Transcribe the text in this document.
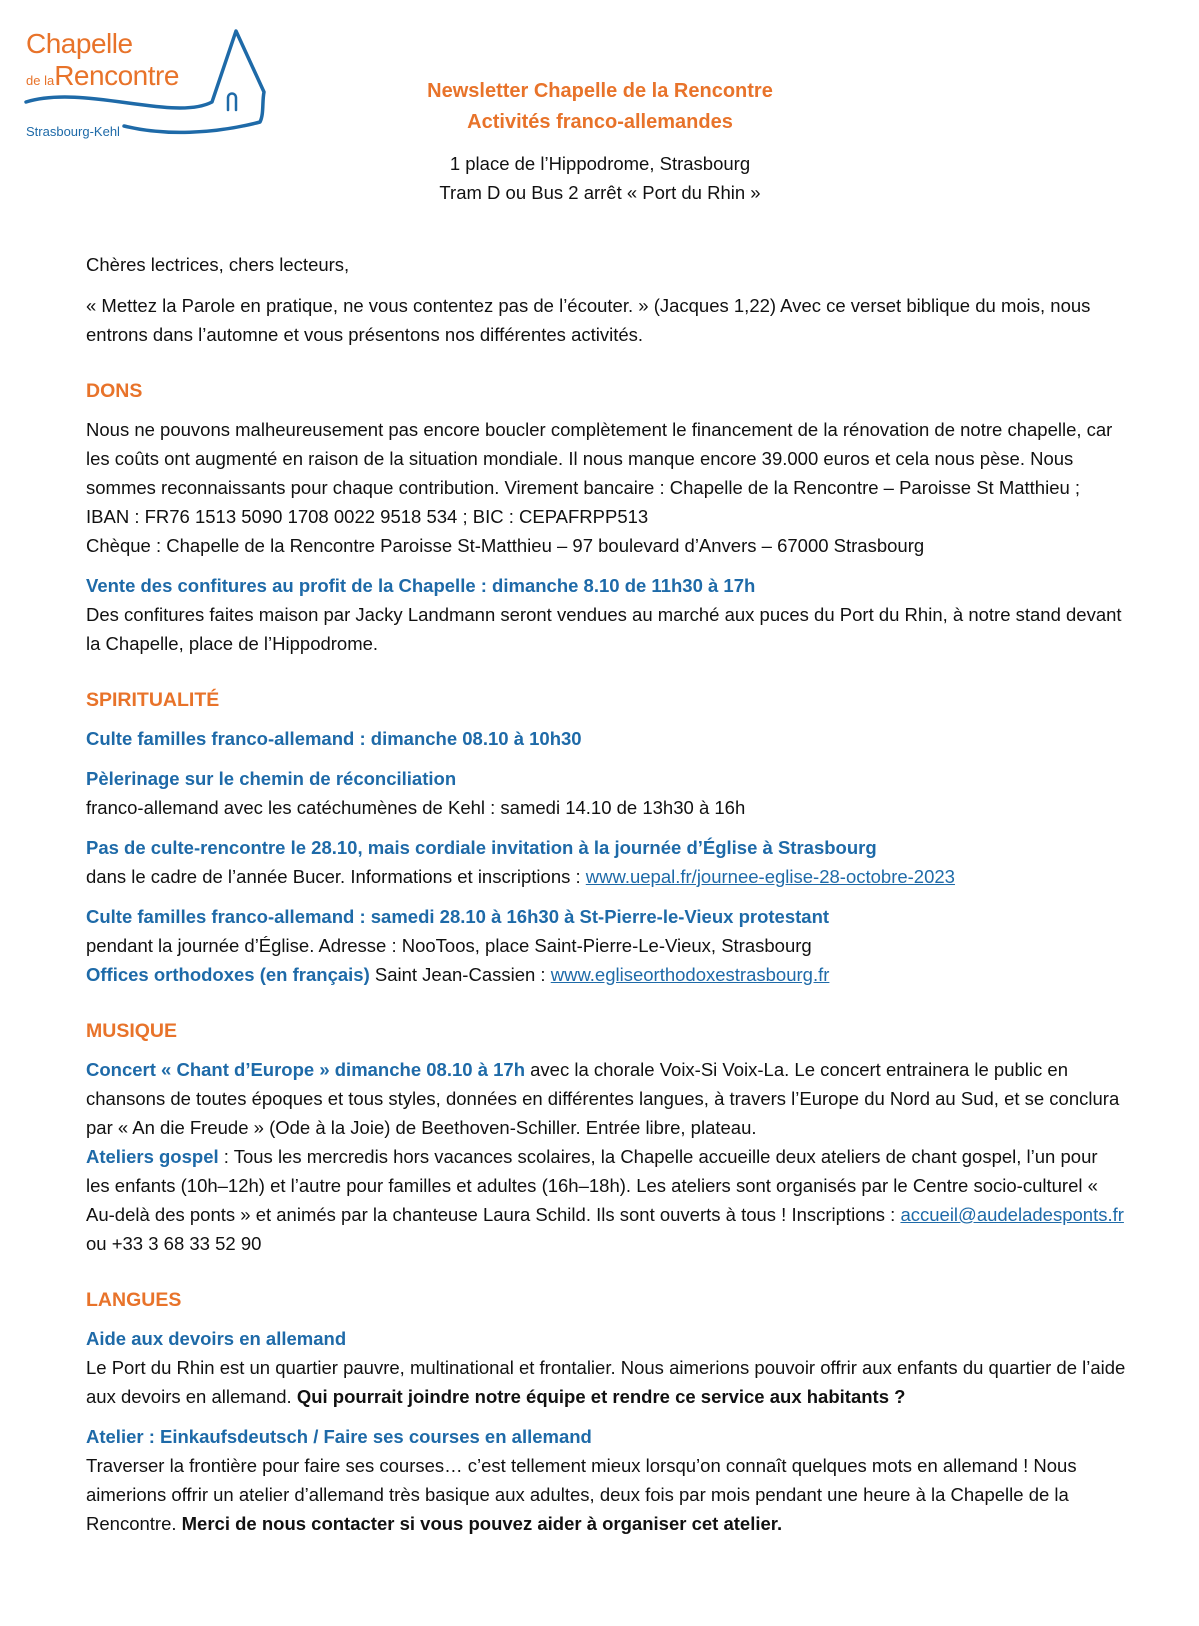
Chapelle
de laRencontre
Strasbourg-Kehl
Newsletter Chapelle de la Rencontre
Activités franco-allemandes
1 place de l’Hippodrome, Strasbourg
Tram D ou Bus 2 arrêt « Port du Rhin »

Chères lectrices, chers lecteurs,

« Mettez la Parole en pratique, ne vous contentez pas de l’écouter. » (Jacques 1,22) Avec ce verset biblique du mois, nous entrons dans l’automne et vous présentons nos différentes activités.

DONS

Nous ne pouvons malheureusement pas encore boucler complètement le financement de la rénovation de notre chapelle, car les coûts ont augmenté en raison de la situation mondiale. Il nous manque encore 39.000 euros et cela nous pèse. Nous sommes reconnaissants pour chaque contribution. Virement bancaire : Chapelle de la Rencontre – Paroisse St Matthieu ; IBAN : FR76 1513 5090 1708 0022 9518 534 ; BIC : CEPAFRPP513

Chèque : Chapelle de la Rencontre Paroisse St-Matthieu – 97 boulevard d’Anvers – 67000 Strasbourg

Vente des confitures au profit de la Chapelle : dimanche 8.10 de 11h30 à 17h

Des confitures faites maison par Jacky Landmann seront vendues au marché aux puces du Port du Rhin, à notre stand devant la Chapelle, place de l’Hippodrome.

SPIRITUALITÉ

Culte familles franco-allemand : dimanche 08.10 à 10h30

Pèlerinage sur le chemin de réconciliation

franco-allemand avec les catéchumènes de Kehl : samedi 14.10 de 13h30 à 16h

Pas de culte-rencontre le 28.10, mais cordiale invitation à la journée d’Église à Strasbourg

dans le cadre de l’année Bucer. Informations et inscriptions : www.uepal.fr/journee-eglise-28-octobre-2023

Culte familles franco-allemand : samedi 28.10 à 16h30 à St-Pierre-le-Vieux protestant

pendant la journée d’Église. Adresse : NooToos, place Saint-Pierre-Le-Vieux, Strasbourg

Offices orthodoxes (en français) Saint Jean-Cassien : www.egliseorthodoxestrasbourg.fr

MUSIQUE

Concert « Chant d’Europe » dimanche 08.10 à 17h avec la chorale Voix-Si Voix-La. Le concert entrainera le public en chansons de toutes époques et tous styles, données en différentes langues, à travers l’Europe du Nord au Sud, et se conclura par « An die Freude » (Ode à la Joie) de Beethoven-Schiller. Entrée libre, plateau.

Ateliers gospel : Tous les mercredis hors vacances scolaires, la Chapelle accueille deux ateliers de chant gospel, l’un pour les enfants (10h–12h) et l’autre pour familles et adultes (16h–18h). Les ateliers sont organisés par le Centre socio-culturel « Au-delà des ponts » et animés par la chanteuse Laura Schild. Ils sont ouverts à tous ! Inscriptions : accueil@audeladesponts.fr ou +33 3 68 33 52 90

LANGUES

Aide aux devoirs en allemand

Le Port du Rhin est un quartier pauvre, multinational et frontalier. Nous aimerions pouvoir offrir aux enfants du quartier de l’aide aux devoirs en allemand. Qui pourrait joindre notre équipe et rendre ce service aux habitants ?

Atelier : Einkaufsdeutsch / Faire ses courses en allemand

Traverser la frontière pour faire ses courses… c’est tellement mieux lorsqu’on connaît quelques mots en allemand ! Nous aimerions offrir un atelier d’allemand très basique aux adultes, deux fois par mois pendant une heure à la Chapelle de la Rencontre. Merci de nous contacter si vous pouvez aider à organiser cet atelier.
